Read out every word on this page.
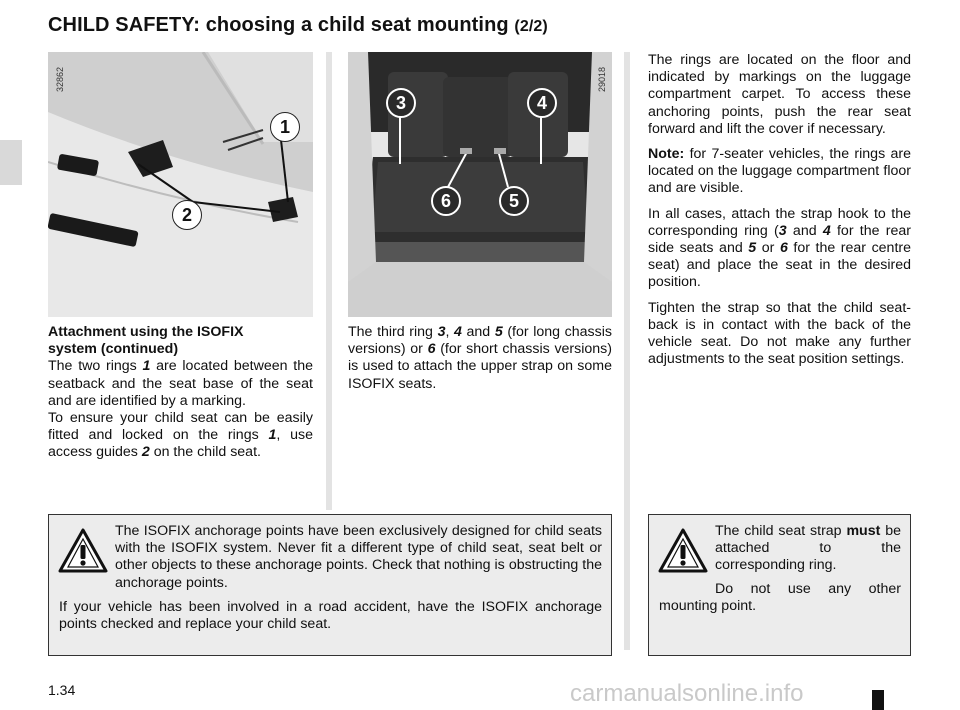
CHILD SAFETY: choosing a child seat mounting (2/2)
32862
1
2
29018
3	4
6	5

Attachment using the ISOFIX

system (continued)

The two rings 1 are located between the seatback and the seat base of the seat and are identified by a marking.

To ensure your child seat can be easily fitted and locked on the rings 1, use access guides 2 on the child seat.

The third ring 3, 4 and 5 (for long chassis versions) or 6 (for short chassis versions) is used to attach the upper strap on some ISOFIX seats.

The rings are located on the floor and indicated by markings on the luggage compartment carpet. To access these anchoring points, push the rear seat forward and lift the cover if necessary.

Note: for 7-seater vehicles, the rings are located on the luggage compartment floor and are visible.

In all cases, attach the strap hook to the corresponding ring (3 and 4 for the rear side seats and 5 or 6 for the rear centre seat) and place the seat in the desired position.

Tighten the strap so that the child seat-back is in contact with the back of the vehicle seat. Do not make any further adjustments to the seat position settings.

The ISOFIX anchorage points have been exclusively designed for child seats with the ISOFIX system. Never fit a different type of child seat, seat belt or other objects to these anchorage points. Check that nothing is obstructing the anchorage points.

If your vehicle has been involved in a road accident, have the ISOFIX anchorage points checked and replace your child seat.

The child seat strap must be attached to the corresponding ring.

Do not use any other mounting point.

1.34	carmanualsonline.info
